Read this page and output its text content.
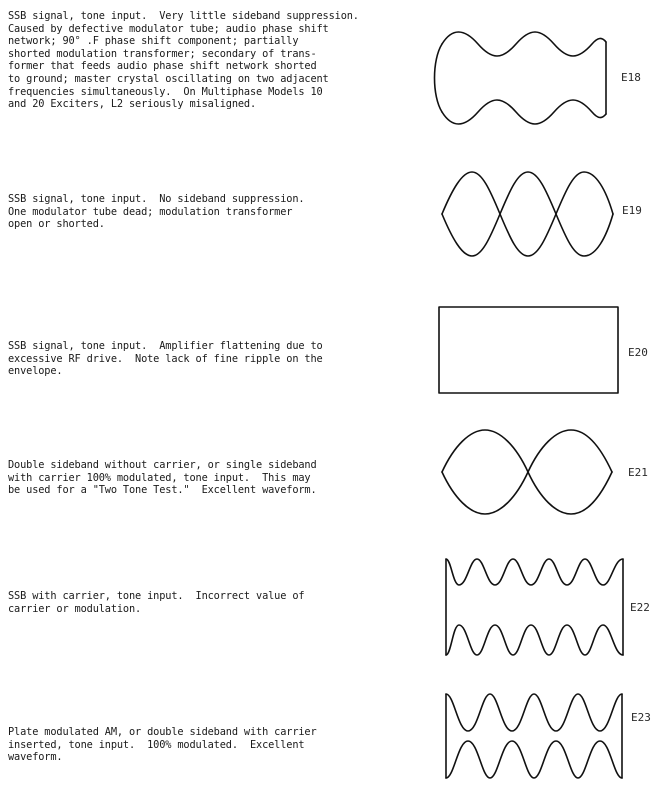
SSB signal, tone input.  Very little sideband suppression.
Caused by defective modulator tube; audio phase shift
network; 90° .F phase shift component; partially
shorted modulation transformer; secondary of trans-
former that feeds audio phase shift network shorted
to ground; master crystal oscillating on two adjacent
frequencies simultaneously.  On Multiphase Models 10
and 20 Exciters, L2 seriously misaligned.

E18

SSB signal, tone input.  No sideband suppression.
One modulator tube dead; modulation transformer
open or shorted.

E19

SSB signal, tone input.  Amplifier flattening due to
excessive RF drive.  Note lack of fine ripple on the
envelope.

E20

Double sideband without carrier, or single sideband
with carrier 100% modulated, tone input.  This may
be used for a "Two Tone Test."  Excellent waveform.

E21

SSB with carrier, tone input.  Incorrect value of
carrier or modulation.	E22

Plate modulated AM, or double sideband with carrier
inserted, tone input.  100% modulated.  Excellent
waveform.

E23
